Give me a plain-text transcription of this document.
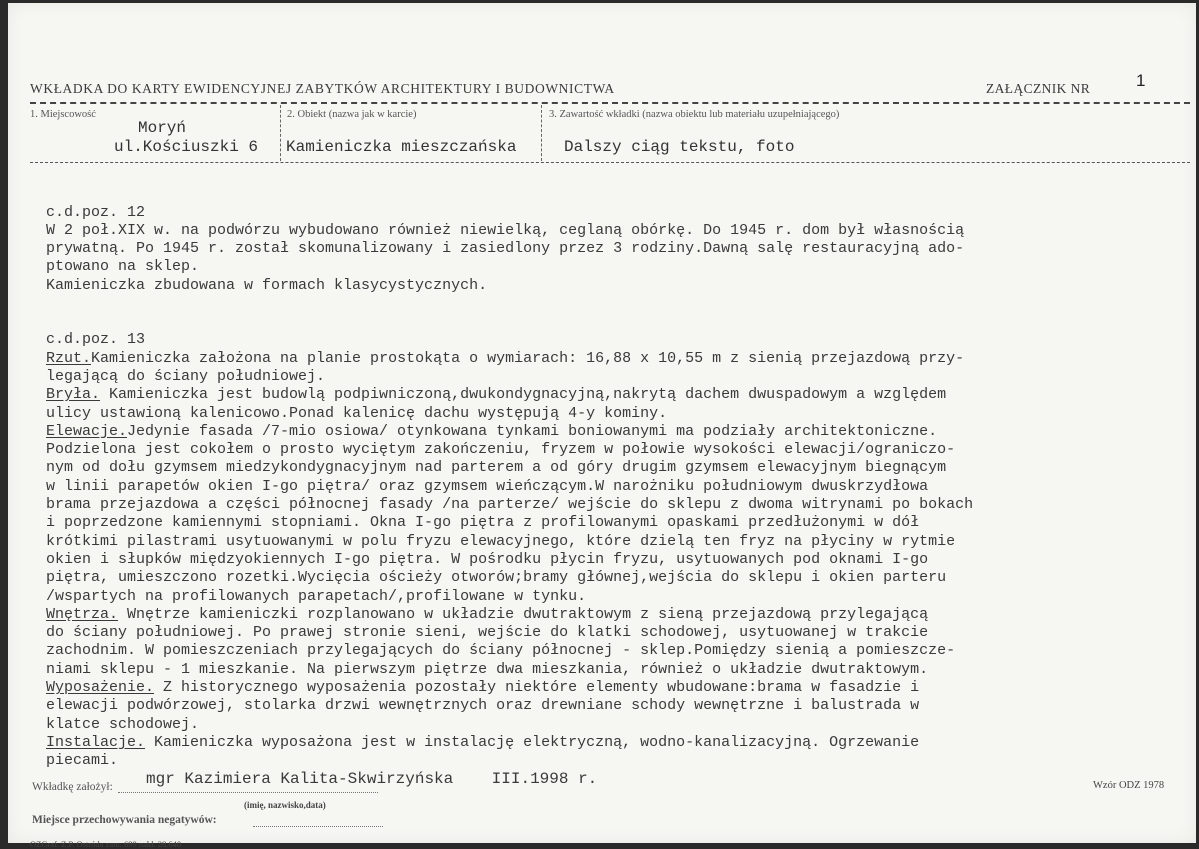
WKŁADKA DO KARTY EWIDENCYJNEJ ZABYTKÓW ARCHITEKTURY I BUDOWNICTWA	ZAŁĄCZNIK NR	1
1. Miejscowość
Moryń
ul.Kościuszki 6
2. Obiekt (nazwa jak w karcie)
Kamieniczka mieszczańska
3. Zawartość wkładki (nazwa obiektu lub materiału uzupełniającego)
Dalszy ciąg tekstu, foto

c.d.poz. 12
W 2 poł.XIX w. na podwórzu wybudowano również niewielką, ceglaną obórkę. Do 1945 r. dom był własnością
prywatną. Po 1945 r. został skomunalizowany i zasiedlony przez 3 rodziny.Dawną salę restauracyjną ado-
ptowano na sklep.
Kamieniczka zbudowana w formach klasycystycznych.

c.d.poz. 13
Rzut.Kamieniczka założona na planie prostokąta o wymiarach: 16,88 x 10,55 m z sienią przejazdową przy-
legającą do ściany południowej.
Bryła. Kamieniczka jest budowlą podpiwniczoną,dwukondygnacyjną,nakrytą dachem dwuspadowym a względem
ulicy ustawioną kalenicowo.Ponad kalenicę dachu występują 4-y kominy.
Elewacje.Jedynie fasada /7-mio osiowa/ otynkowana tynkami boniowanymi ma podziały architektoniczne.
Podzielona jest cokołem o prosto wyciętym zakończeniu, fryzem w połowie wysokości elewacji/ograniczo-
nym od dołu gzymsem miedzykondygnacyjnym nad parterem a od góry drugim gzymsem elewacyjnym biegnącym
w linii parapetów okien I-go piętra/ oraz gzymsem wieńczącym.W narożniku południowym dwuskrzydłowa
brama przejazdowa a części północnej fasady /na parterze/ wejście do sklepu z dwoma witrynami po bokach
i poprzedzone kamiennymi stopniami. Okna I-go piętra z profilowanymi opaskami przedłużonymi w dół
krótkimi pilastrami usytuowanymi w polu fryzu elewacyjnego, które dzielą ten fryz na płyciny w rytmie
okien i słupków międzyokiennych I-go piętra. W pośrodku płycin fryzu, usytuowanych pod oknami I-go
piętra, umieszczono rozetki.Wycięcia ościeży otworów;bramy głównej,wejścia do sklepu i okien parteru
/wspartych na profilowanych parapetach/,profilowane w tynku.
Wnętrza. Wnętrze kamieniczki rozplanowano w układzie dwutraktowym z sieną przejazdową przylegającą
do ściany południowej. Po prawej stronie sieni, wejście do klatki schodowej, usytuowanej w trakcie
zachodnim. W pomieszczeniach przylegających do ściany północnej - sklep.Pomiędzy sienią a pomieszcze-
niami sklepu - 1 mieszkanie. Na pierwszym piętrze dwa mieszkania, również o układzie dwutraktowym.
Wyposażenie. Z historycznego wyposażenia pozostały niektóre elementy wbudowane:brama w fasadzie i
elewacji podwórzowej, stolarka drzwi wewnętrznych oraz drewniane schody wewnętrzne i balustrada w
klatce schodowej.
Instalacje. Kamieniczka wyposażona jest w instalację elektryczną, wodno-kanalizacyjną. Ogrzewanie
piecami.

Wkładkę założył: mgr Kazimiera Kalita-Skwirzyńska    III.1998 r.
(imię, nazwisko,data)
Miejsce przechowywania negatywów:
OZGraf. Z.P. Ostróda zam. 699 nakł. 28.640
Wzór ODZ 1978
